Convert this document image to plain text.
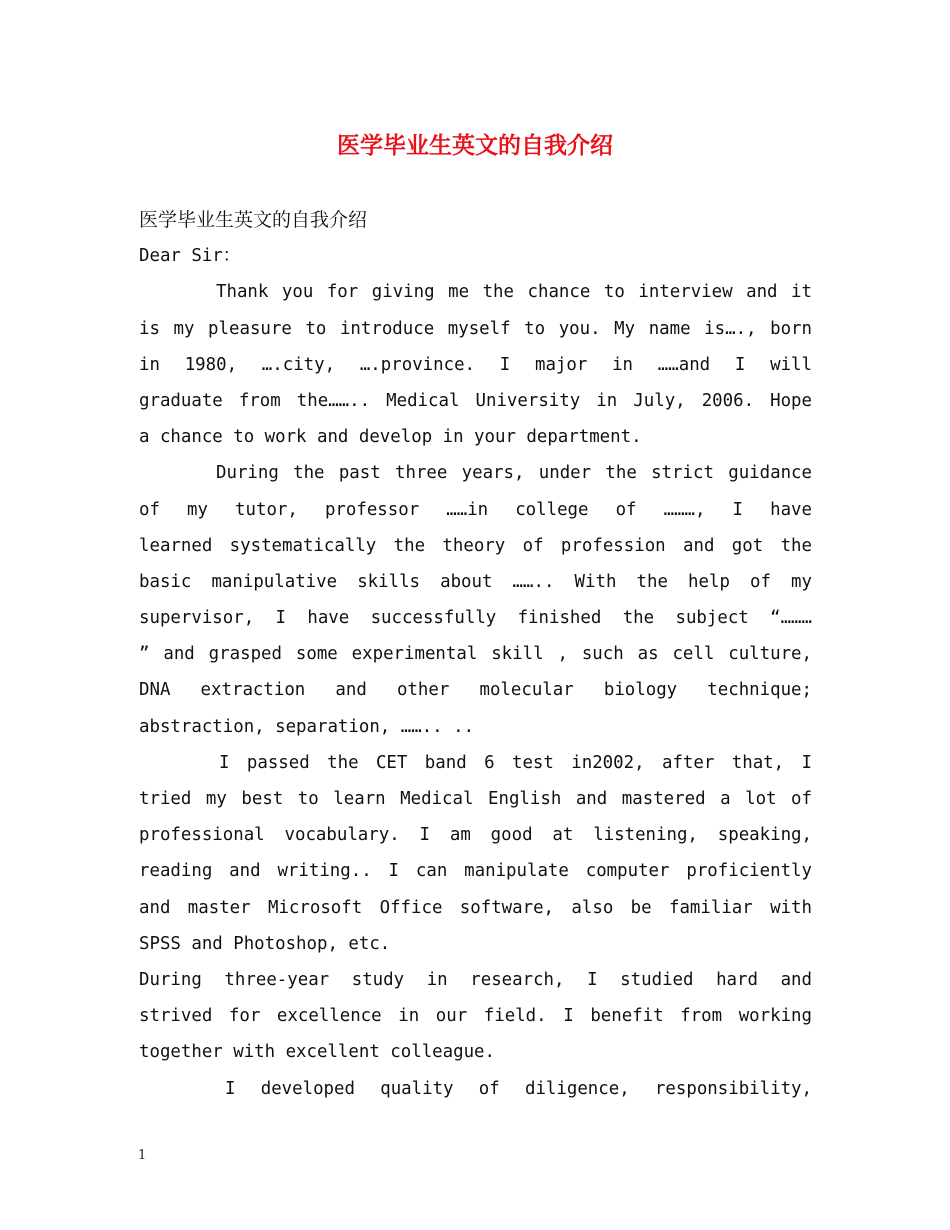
医学毕业生英文的自我介绍
医学毕业生英文的自我介绍
Dear Sir：
Thank you for giving me the chance to interview and it
is my pleasure to introduce myself to you. My name is…., born
in 1980, ….city, ….province. I major in ……and I will
graduate from the…….. Medical University in July, 2006. Hope
a chance to work and develop in your department.
During the past three years, under the strict guidance
of my tutor, professor ……in college of ………, I have
learned systematically the theory of profession and got the
basic manipulative skills about …….. With the help of my
supervisor, I have successfully finished the subject “………
” and grasped some experimental skill , such as cell culture,
DNA extraction and other molecular biology technique;
abstraction, separation, …….. ..
I passed the CET band 6 test in2002, after that, I
tried my best to learn Medical English and mastered a lot of
professional vocabulary. I am good at listening, speaking,
reading and writing.. I can manipulate computer proficiently
and master Microsoft Office software, also be familiar with
SPSS and Photoshop, etc.
During three-year study in research, I studied hard and
strived for excellence in our field. I benefit from working
together with excellent colleague.
I developed quality of diligence, responsibility,
1
